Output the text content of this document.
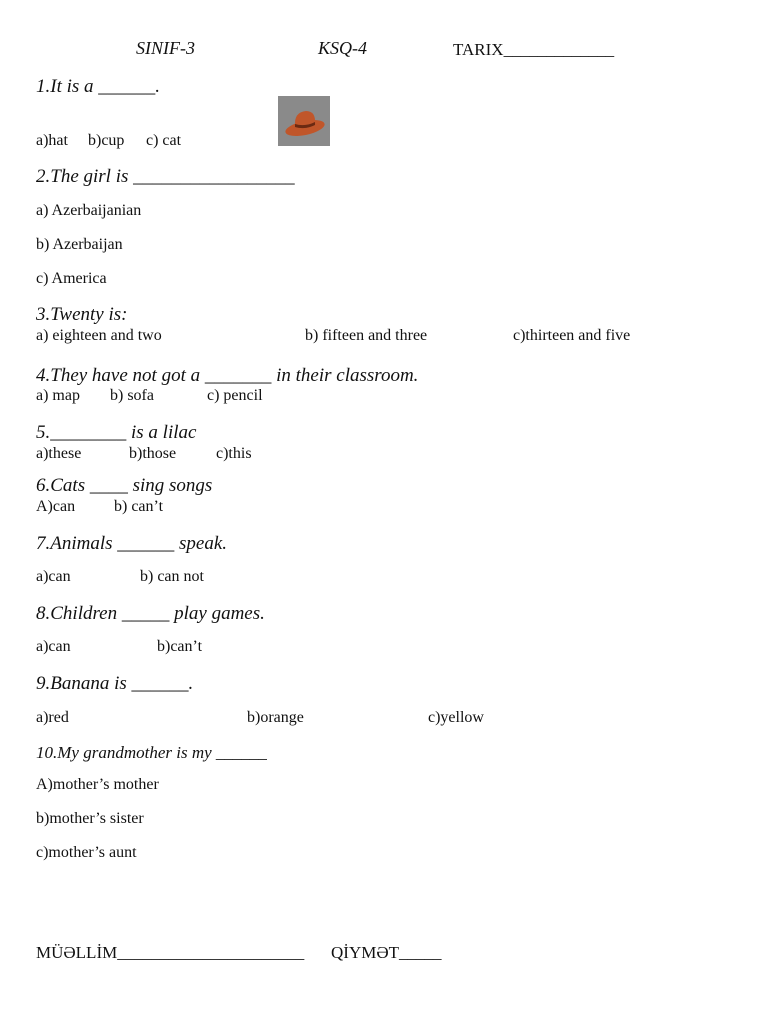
SINIF-3	KSQ-4	TARIX_____________
1.It is a ______.
a)hat b)cup c) cat
2.The girl is _________________
a) Azerbaijanian
b) Azerbaijan
c) America
3.Twenty is:
a) eighteen and two	b) fifteen and three	c)thirteen and five
4.They have not got a _______ in their classroom.
a) map b) sofa	c) pencil
5.________ is a lilac
a)these	b)those c)this
6.Cats ____ sing songs
A)can b) can’t
7.Animals ______ speak.
a)can	b) can not
8.Children _____ play games.
a)can	b)can’t
9.Banana is ______.
a)red	b)orange	c)yellow
10.My grandmother is my ______
A)mother’s mother
b)mother’s sister
c)mother’s aunt
MÜƏLLİM______________________ QİYMƏT_____
